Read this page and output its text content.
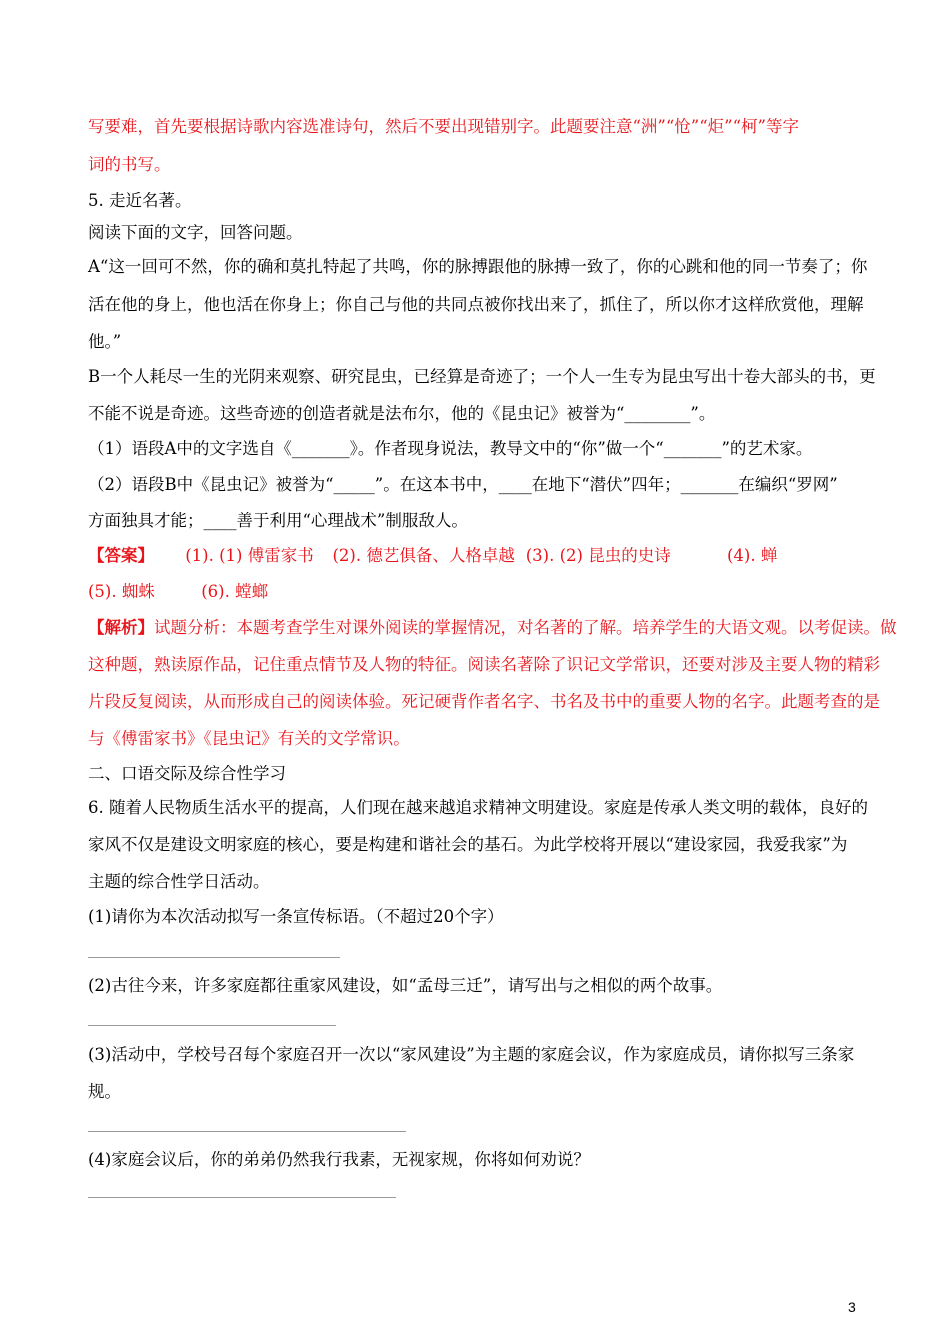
写要难，首先要根据诗歌内容选准诗句，然后不要出现错别字。此题要注意“洲”“怆”“炬”“柯”等字
词的书写。
5. 走近名著。
阅读下面的文字，回答问题。
A“这一回可不然，你的确和莫扎特起了共鸣，你的脉搏跟他的脉搏一致了，你的心跳和他的同一节奏了；你
活在他的身上，他也活在你身上；你自己与他的共同点被你找出来了，抓住了，所以你才这样欣赏他，理解
他。”
B一个人耗尽一生的光阴来观察、研究昆虫，已经算是奇迹了；一个人一生专为昆虫写出十卷大部头的书，更
不能不说是奇迹。这些奇迹的创造者就是法布尔，他的《昆虫记》被誉为“________”。
（1）语段A中的文字选自《_______》。作者现身说法，教导文中的“你”做一个“_______”的艺术家。
（2）语段B中《昆虫记》被誉为“_____”。在这本书中，____在地下“潜伏”四年；_______在编织“罗网”
方面独具才能；____善于利用“心理战术”制服敌人。
【答案】 (1). (1) 傅雷家书 (2). 德艺俱备、人格卓越 (3). (2) 昆虫的史诗	(4). 蝉
(5). 蜘蛛	(6). 螳螂
【解析】试题分析：本题考查学生对课外阅读的掌握情况，对名著的了解。培养学生的大语文观。以考促读。做
这种题，熟读原作品，记住重点情节及人物的特征。阅读名著除了识记文学常识，还要对涉及主要人物的精彩
片段反复阅读，从而形成自己的阅读体验。死记硬背作者名字、书名及书中的重要人物的名字。此题考查的是
与《傅雷家书》《昆虫记》有关的文学常识。
二、口语交际及综合性学习
6. 随着人民物质生活水平的提高，人们现在越来越追求精神文明建设。家庭是传承人类文明的载体，良好的
家风不仅是建设文明家庭的核心，要是构建和谐社会的基石。为此学校将开展以“建设家园，我爱我家”为
主题的综合性学日活动。
(1)请你为本次活动拟写一条宣传标语。（不超过20个字）
(2)古往今来，许多家庭都往重家风建设，如“孟母三迁”，请写出与之相似的两个故事。
(3)活动中，学校号召每个家庭召开一次以“家风建设”为主题的家庭会议，作为家庭成员，请你拟写三条家
规。
(4)家庭会议后，你的弟弟仍然我行我素，无视家规，你将如何劝说？
3
